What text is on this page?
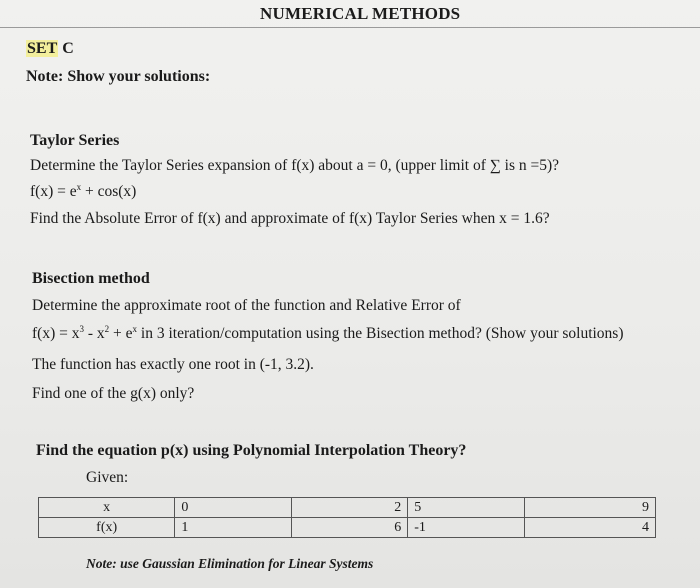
NUMERICAL METHODS
SET C
Note: Show your solutions:
Taylor Series
Determine the Taylor Series expansion of f(x) about a = 0, (upper limit of ∑ is n =5)?
$f(x) = e^x + \cos(x)$
Find the Absolute Error of f(x) and approximate of f(x) Taylor Series when x = 1.6?
Bisection method
Determine the approximate root of the function and Relative Error of
$f(x) = x^3 - x^2 + e^x$ in 3 iteration/computation using the Bisection method? (Show your solutions)
The function has exactly one root in (-1, 3.2).
Find one of the g(x) only?
Find the equation p(x) using Polynomial Interpolation Theory?
Given:
x	0	2	5	9
f(x)	1	6	-1	4
Note: use Gaussian Elimination for Linear Systems
